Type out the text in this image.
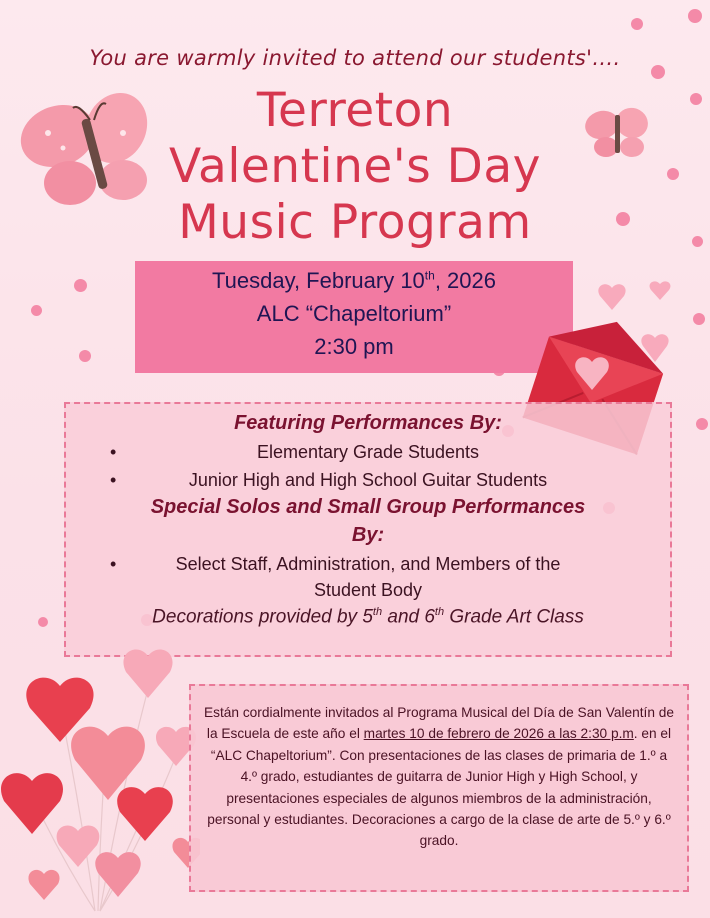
You are warmly invited to attend our students'….
Terreton
Valentine's Day
Music Program
Tuesday, February 10th, 2026
ALC “Chapeltorium”
2:30 pm
Featuring Performances By:
•	Elementary Grade Students
•	Junior High and High School Guitar Students
Special Solos and Small Group Performances
By:
•	Select Staff, Administration, and Members of the
Student Body
Decorations provided by 5th and 6th Grade Art Class
Están cordialmente invitados al Programa Musical del Día de San Valentín de la Escuela de este año el martes 10 de febrero de 2026 a las 2:30 p.m. en el “ALC Chapeltorium”. Con presentaciones de las clases de primaria de 1.º a 4.º grado, estudiantes de guitarra de Junior High y High School, y presentaciones especiales de algunos miembros de la administración, personal y estudiantes. Decoraciones a cargo de la clase de arte de 5.º y 6.º grado.
